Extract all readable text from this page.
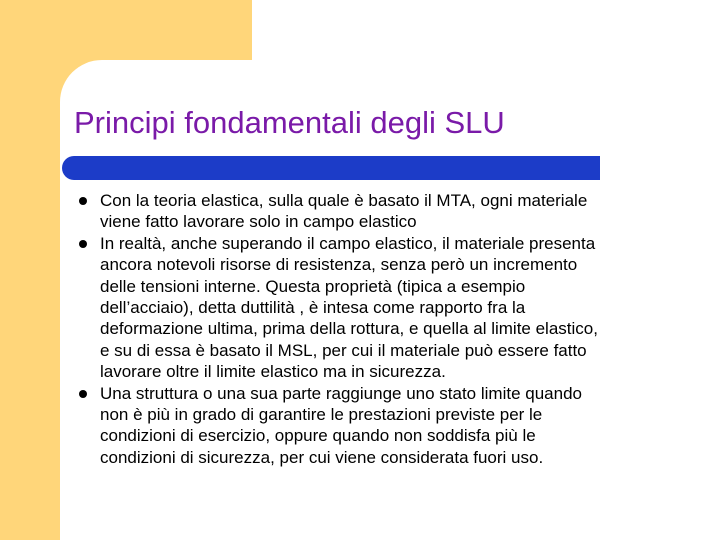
Principi fondamentali degli SLU
Con la teoria elastica, sulla quale è basato il MTA, ogni materiale
viene fatto lavorare solo in campo elastico
In realtà, anche superando il campo elastico, il materiale presenta
ancora notevoli risorse di resistenza, senza però un incremento
delle tensioni interne. Questa proprietà (tipica a esempio
dell’acciaio), detta duttilità , è intesa come rapporto fra la
deformazione ultima, prima della rottura, e quella al limite elastico,
e su di essa è basato il MSL, per cui il materiale può essere fatto
lavorare oltre il limite elastico ma in sicurezza.
Una struttura o una sua parte raggiunge uno stato limite quando
non è più in grado di garantire le prestazioni previste per le
condizioni di esercizio, oppure quando non soddisfa più le
condizioni di sicurezza, per cui viene considerata fuori uso.
